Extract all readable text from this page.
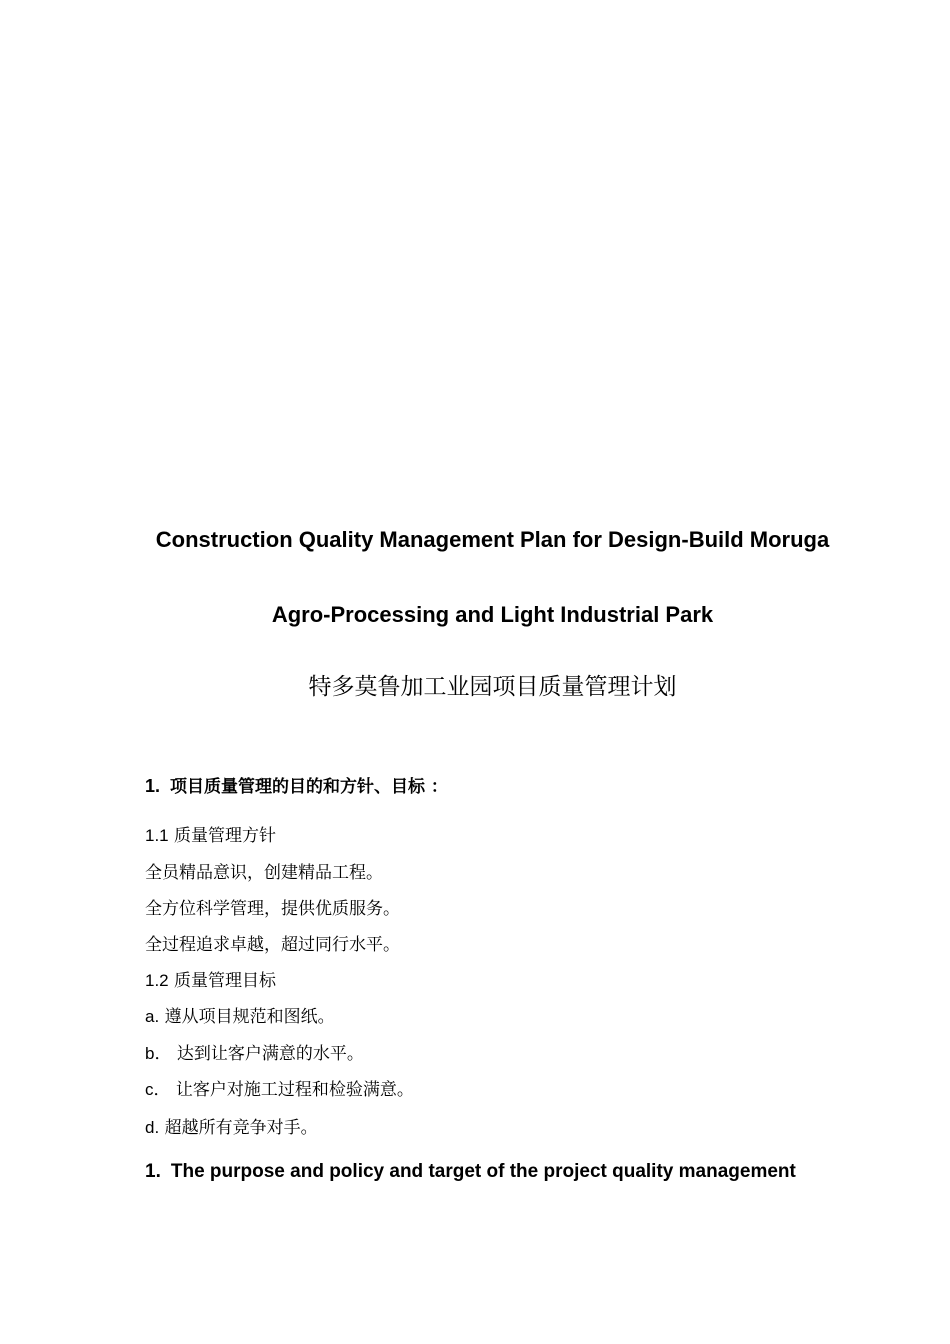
Construction Quality Management Plan for Design-Build Moruga
Agro-Processing and Light Industrial Park
特多莫鲁加工业园项目质量管理计划
1. 项目质量管理的目的和方针、目标 ：
1.1 质量管理方针
全员精品意识，创建精品工程。
全方位科学管理，提供优质服务。
全过程追求卓越，超过同行水平。
1.2 质量管理目标
a. 遵从项目规范和图纸。
b． 达到让客户满意的水平。
c． 让客户对施工过程和检验满意。
d. 超越所有竞争对手。
1. The purpose and policy and target of the project quality management
